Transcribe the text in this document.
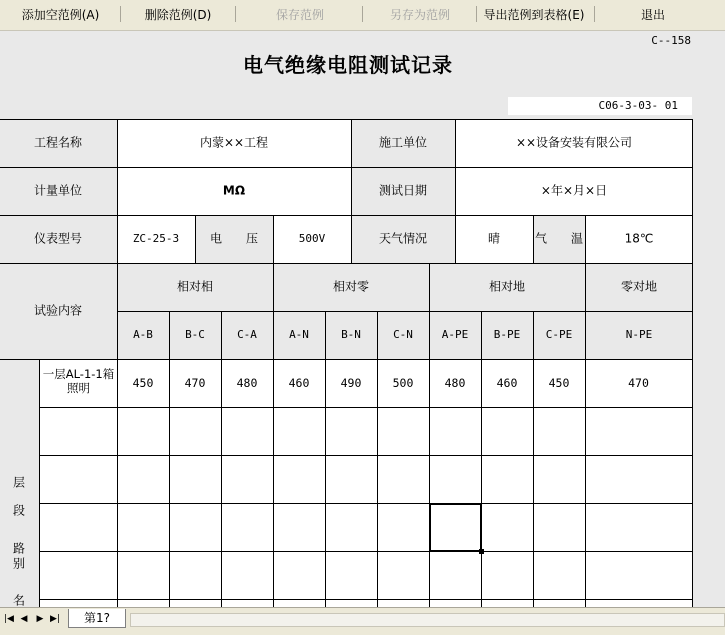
添加空范例(A)	删除范例(D)	保存范例	另存为范例	导出范例到表格(E)	退出
C--158
电气绝缘电阻测试记录
C06-3-03- 01
工程名称	内蒙××工程	施工单位	××设备安装有限公司
计量单位	MΩ	测试日期	×年×月×日
仪表型号	ZC-25-3	电　　压	500V	天气情况	晴	气　　温	18℃
试验内容
相对相	相对零	相对地	零对地
A-B	B-C	C-A	A-N	B-N	C-N	A-PE B-PE C-PE	N-PE
层
段
路
别
名
一层AL-1-1箱照明	450	470	480	460	490	500	480	460	450	470
|◀ ◀	▶ ▶|	第1?
